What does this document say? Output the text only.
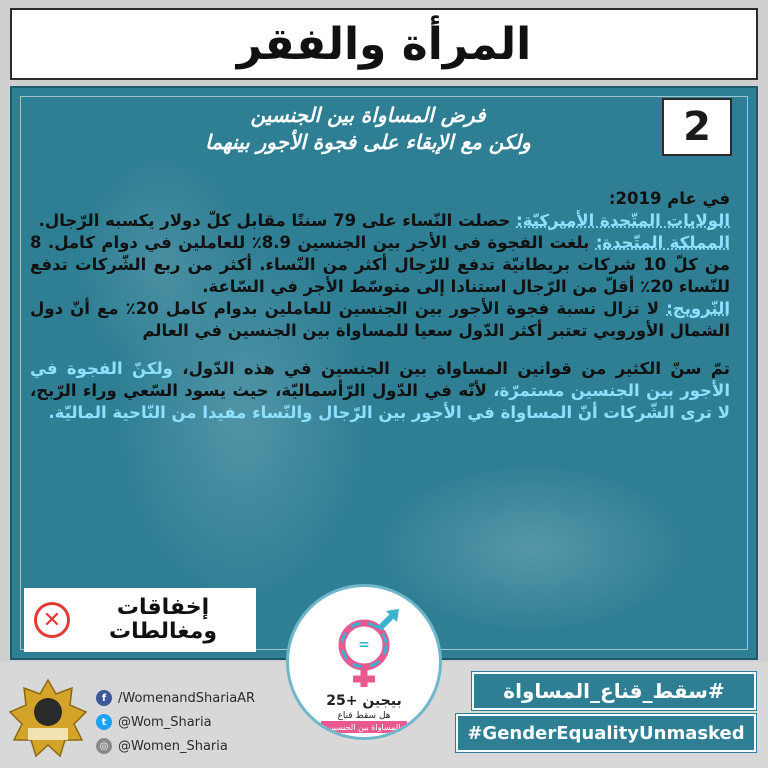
المرأة والفقر
2
فرض المساواة بين الجنسين
ولكن مع الإبقاء على فجوة الأجور بينهما

في عام 2019:

الولايات المتّحدة الأميركيّة: حصلت النّساء على 79 سنتًا مقابل كلّ دولار يكسبه الرّجال.

المملكة المتّحدة: بلغت الفجوة في الأجر بين الجنسين 8.9٪ للعاملين في دوام كامل. 8 من كلّ 10 شركات بريطانيّة تدفع للرّجال أكثر من النّساء. أكثر من ربع الشّركات تدفع للنّساء 20٪ أقلّ من الرّجال استنادا إلى متوسّط الأجر في السّاعة.

النّرويج: لا تزال نسبة فجوة الأجور بين الجنسين للعاملين بدوام كامل 20٪ مع أنّ دول الشمال الأوروبي تعتبر أكثر الدّول سعيا للمساواة بين الجنسين في العالم

تمّ سنّ الكثير من قوانين المساواة بين الجنسين في هذه الدّول، ولكنّ الفجوة في الأجور بين الجنسين مستمرّة، لأنّه في الدّول الرّأسماليّة، حيث يسود السّعي وراء الرّبح، لا ترى الشّركات أنّ المساواة في الأجور بين الرّجال والنّساء مفيدا من النّاحية الماليّة.

✕	إخفاقات
ومغالطات
f /WomenandShariaAR
t @Wom_Sharia
◎ @Women_Sharia
=
بيجين +25
هل سقط قناع
المساواة بين الجنسين
#سقط_قناع_المساواة
#GenderEqualityUnmasked
